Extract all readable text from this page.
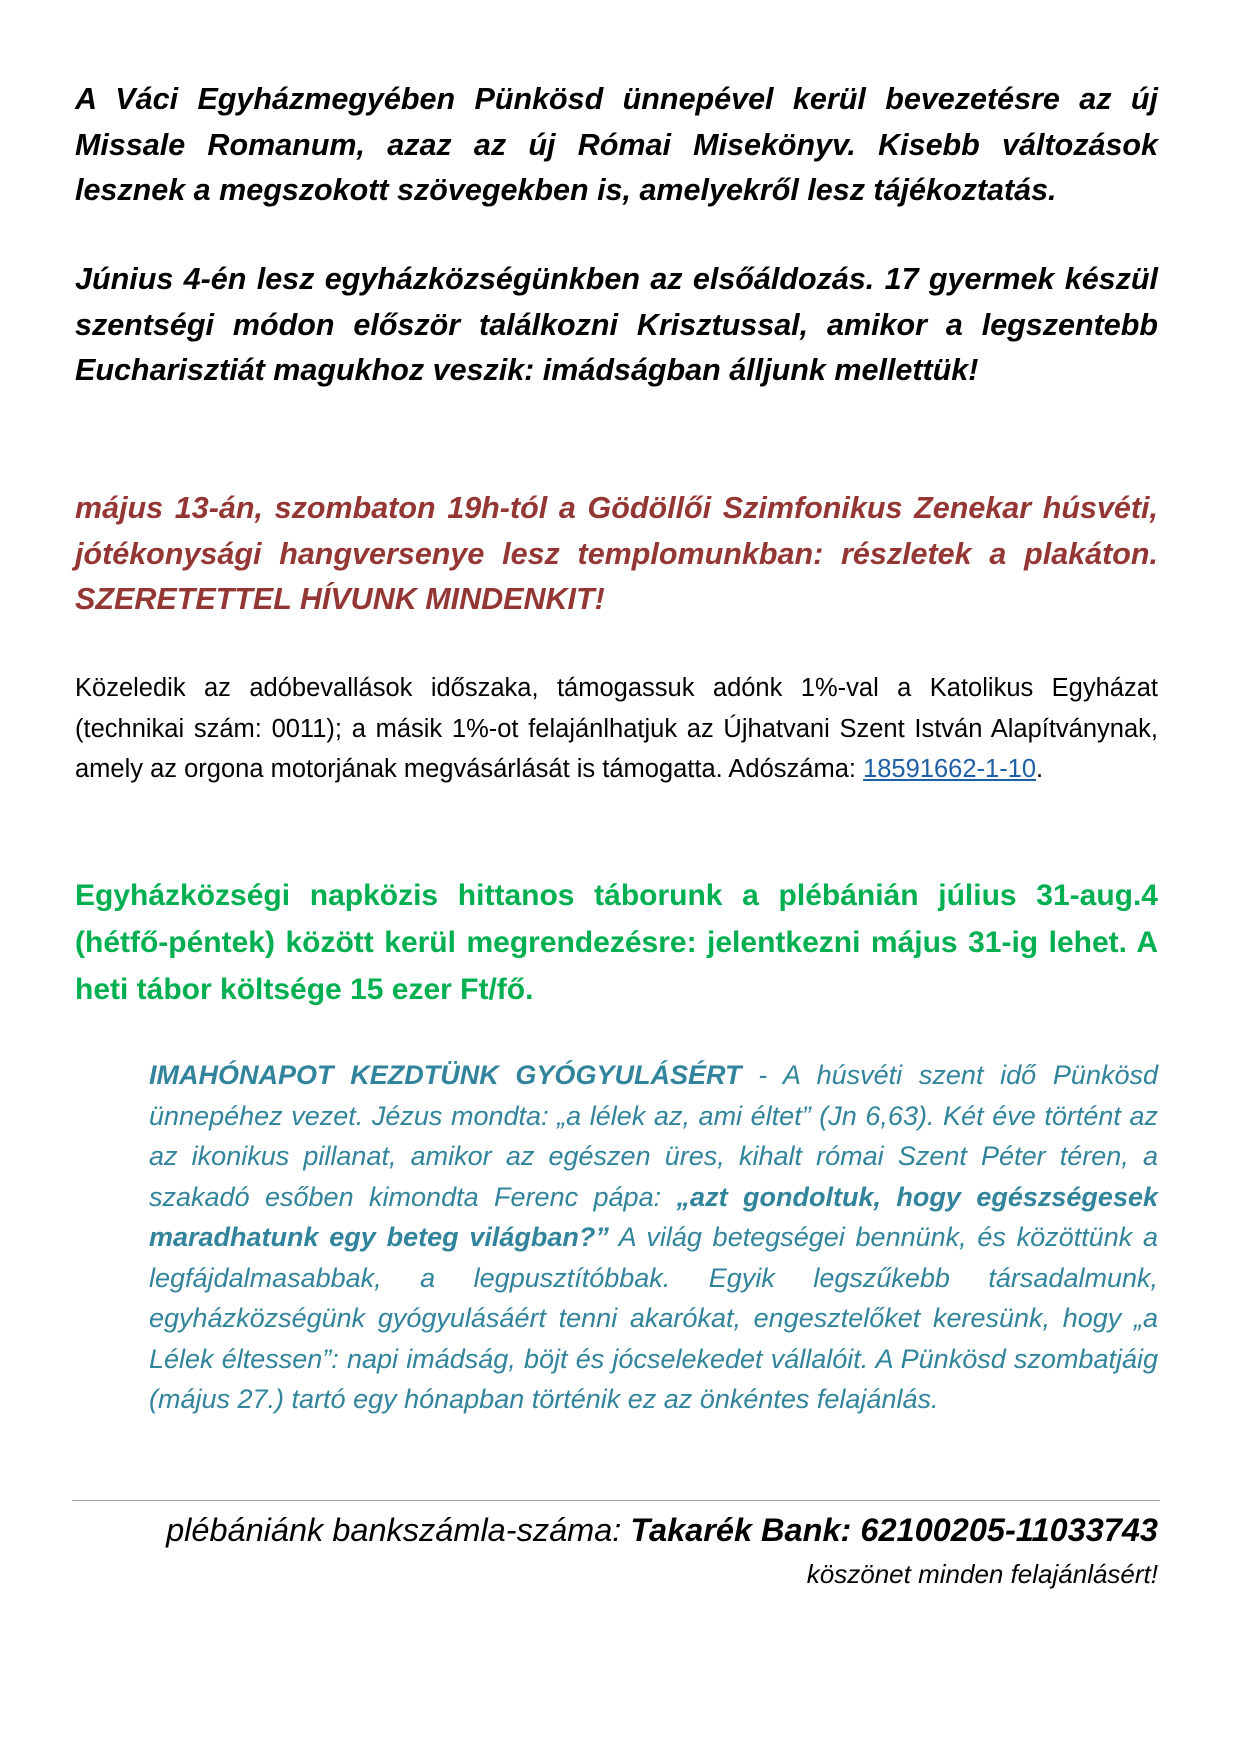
A Váci Egyházmegyében Pünkösd ünnepével kerül bevezetésre az új Missale Romanum, azaz az új Római Misekönyv. Kisebb változások lesznek a megszokott szövegekben is, amelyekről lesz tájékoztatás.

Június 4-én lesz egyházközségünkben az elsőáldozás. 17 gyermek készül szentségi módon először találkozni Krisztussal, amikor a legszentebb Eucharisztiát magukhoz veszik: imádságban álljunk mellettük!

május 13-án, szombaton 19h-tól a Gödöllői Szimfonikus Zenekar húsvéti, jótékonysági hangversenye lesz templomunkban: részletek a plakáton. SZERETETTEL HÍVUNK MINDENKIT!

Közeledik az adóbevallások időszaka, támogassuk adónk 1%-val a Katolikus Egyházat (technikai szám: 0011); a másik 1%-ot felajánlhatjuk az Újhatvani Szent István Alapítványnak, amely az orgona motorjának megvásárlását is támogatta. Adószáma: 18591662-1-10.

Egyházközségi napközis hittanos táborunk a plébánián július 31-aug.4 (hétfő-péntek) között kerül megrendezésre: jelentkezni május 31-ig lehet. A heti tábor költsége 15 ezer Ft/fő.

IMAHÓNAPOT KEZDTÜNK GYÓGYULÁSÉRT - A húsvéti szent idő Pünkösd ünnepéhez vezet. Jézus mondta: „a lélek az, ami éltet” (Jn 6,63). Két éve történt az az ikonikus pillanat, amikor az egészen üres, kihalt római Szent Péter téren, a szakadó esőben kimondta Ferenc pápa: „azt gondoltuk, hogy egészségesek maradhatunk egy beteg világban?” A világ betegségei bennünk, és közöttünk a legfájdalmasabbak, a legpusztítóbbak. Egyik legszűkebb társadalmunk, egyházközségünk gyógyulásáért tenni akarókat, engesztelőket keresünk, hogy „a Lélek éltessen”: napi imádság, böjt és jócselekedet vállalóit. A Pünkösd szombatjáig (május 27.) tartó egy hónapban történik ez az önkéntes felajánlás.

plébániánk bankszámla-száma: Takarék Bank: 62100205-11033743

köszönet minden felajánlásért!
